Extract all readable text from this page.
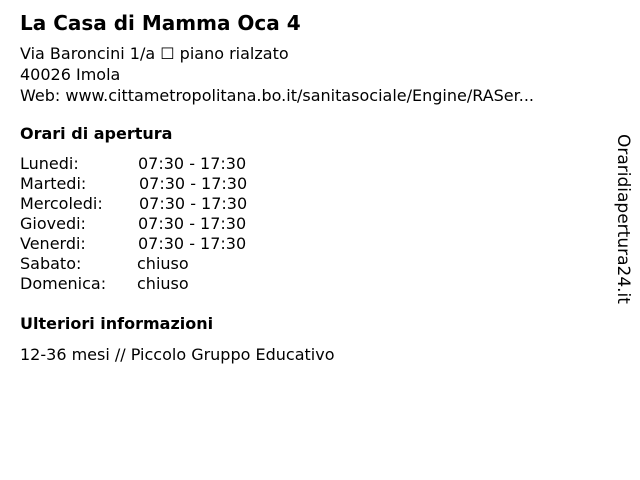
La Casa di Mamma Oca 4
Via Baroncini 1/a ☐ piano rialzato
40026 Imola
Web: www.cittametropolitana.bo.it/sanitasociale/Engine/RASer...
Orari di apertura
Lunedi:	07:30 - 17:30
Martedi:	07:30 - 17:30
Mercoledi: 07:30 - 17:30
Giovedi:	07:30 - 17:30
Venerdi:	07:30 - 17:30
Sabato:	chiuso
Domenica: chiuso
Ulteriori informazioni
12-36 mesi // Piccolo Gruppo Educativo
Oraridiapertura24.it
